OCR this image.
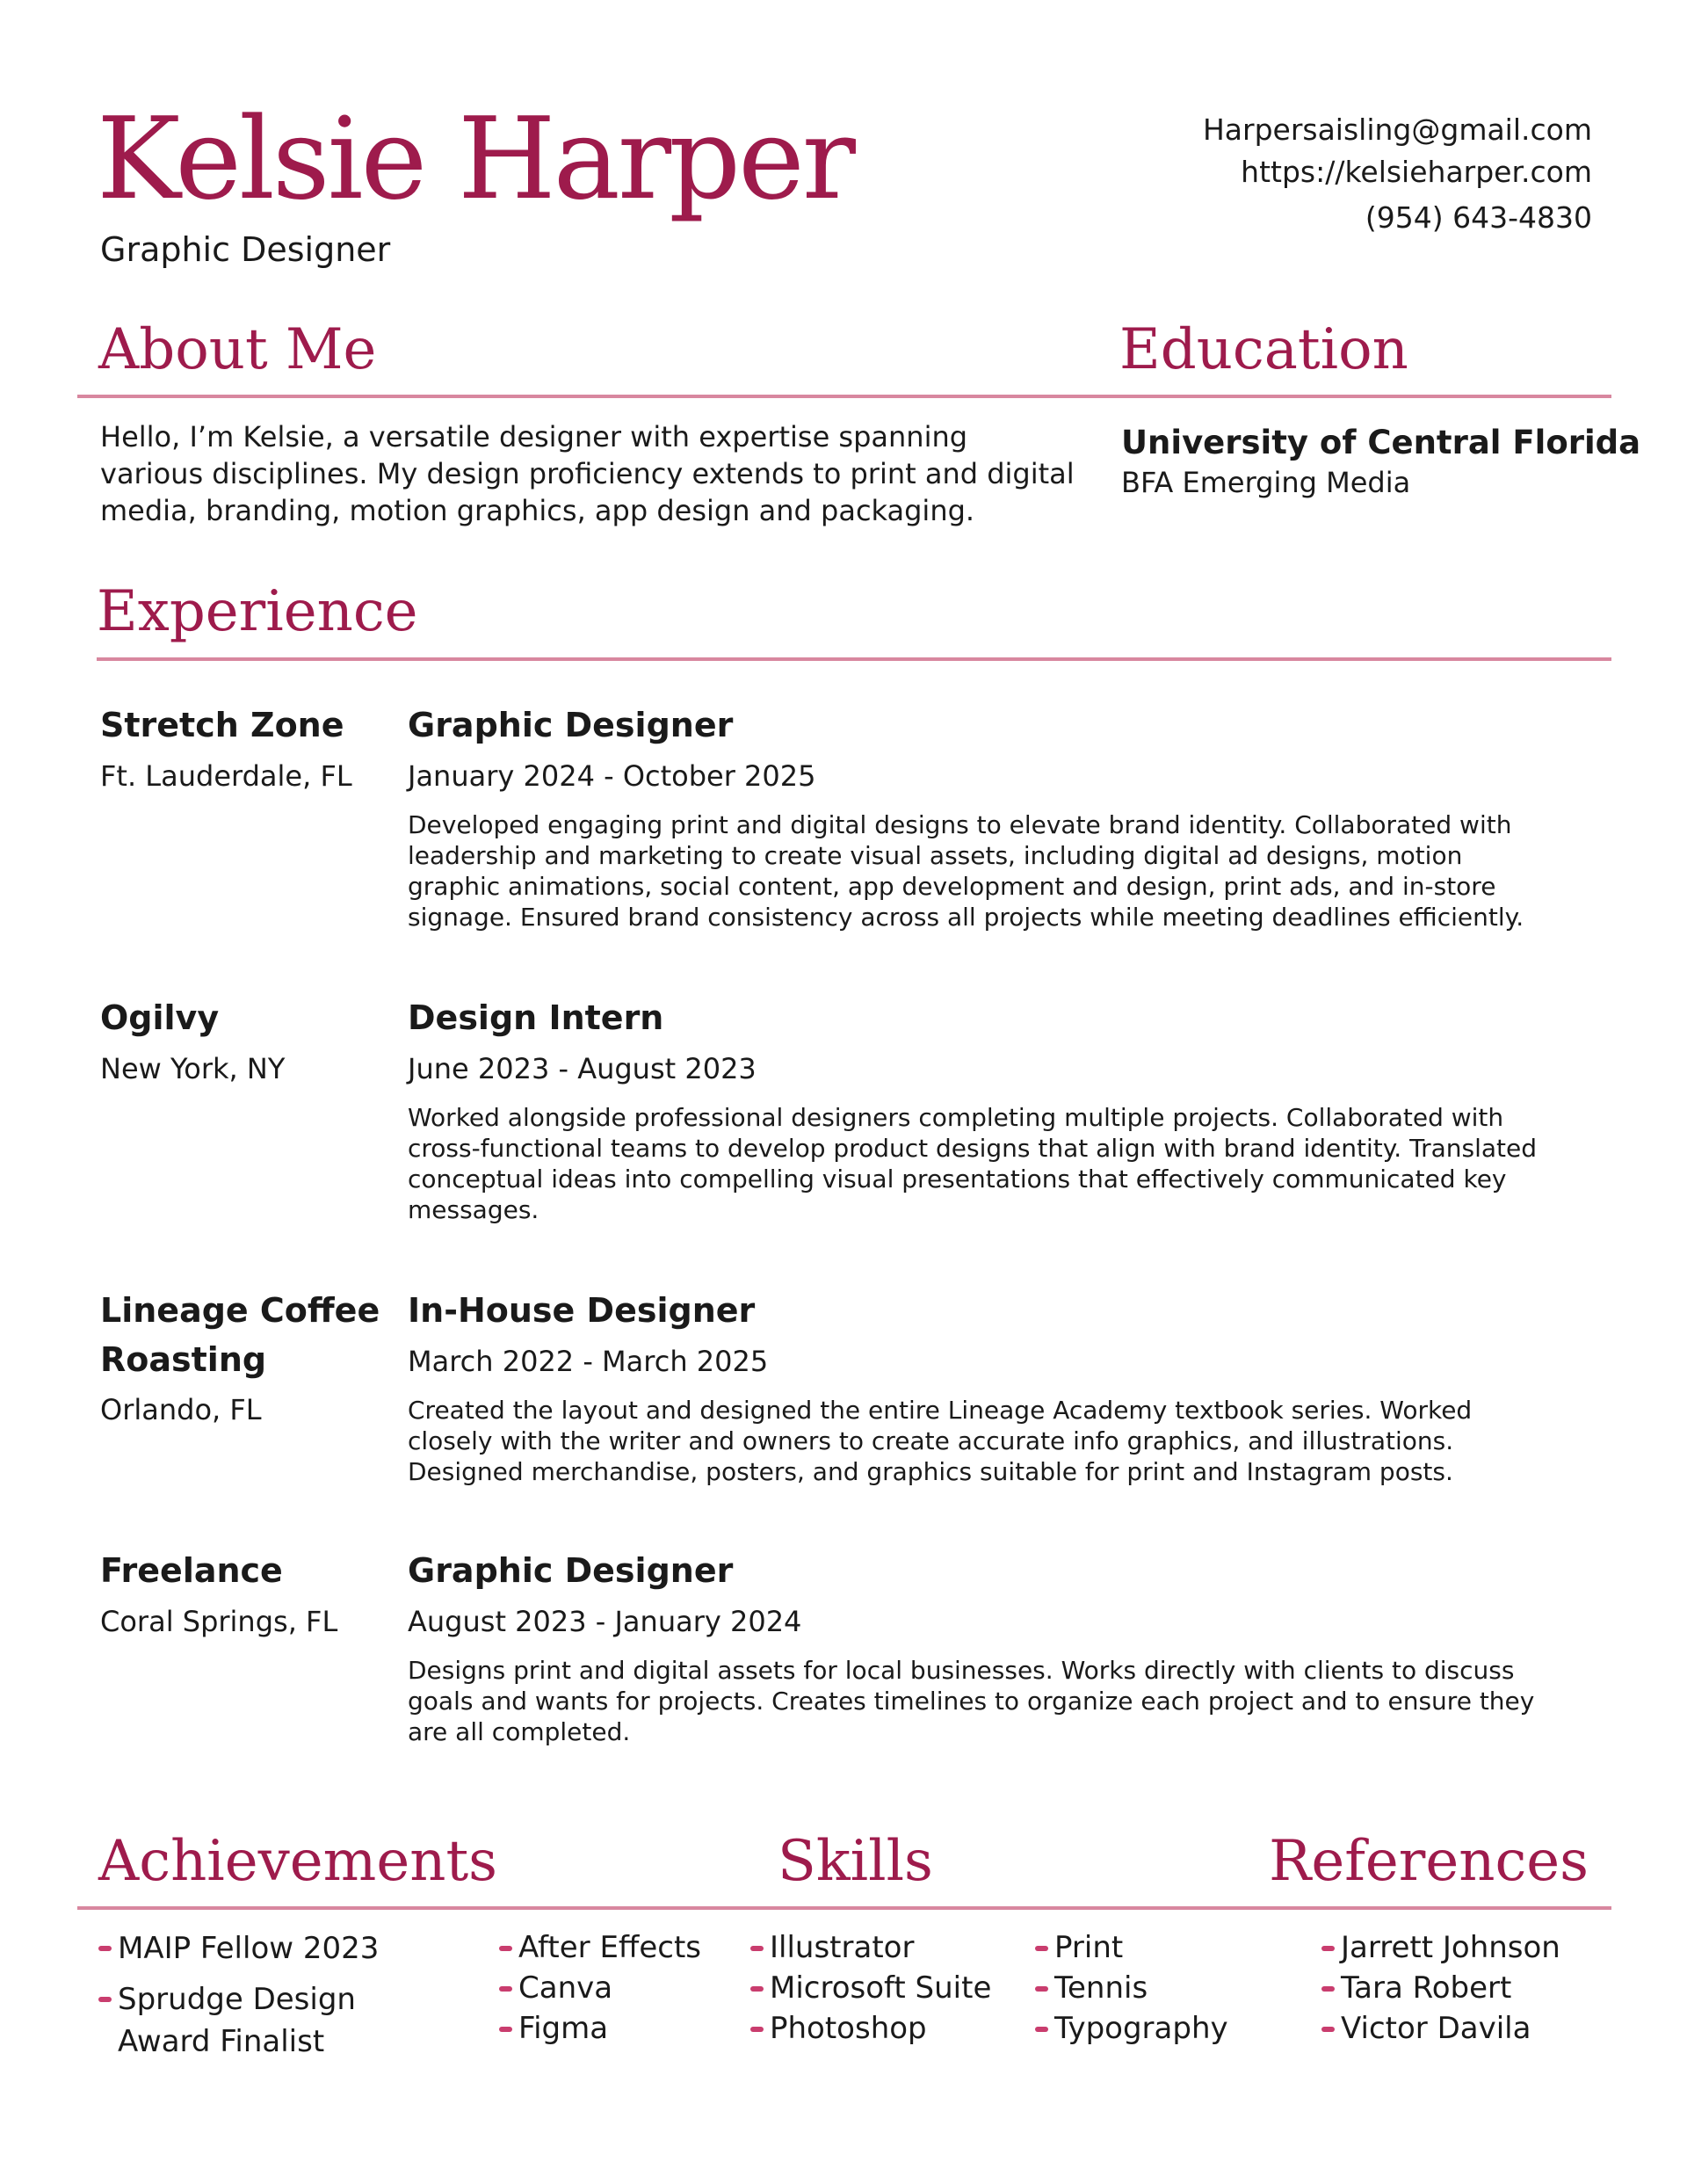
Kelsie Harper
Graphic Designer
Harpersaisling@gmail.com
https://kelsieharper.com
(954) 643-4830
About Me	Education
Hello, I’m Kelsie, a versatile designer with expertise spanning various disciplines. My design proficiency extends to print and digital media, branding, motion graphics, app design and packaging.
University of Central Florida
BFA Emerging Media
Experience
Stretch Zone
Ft. Lauderdale, FL
Graphic Designer
January 2024 - October 2025
Developed engaging print and digital designs to elevate brand identity. Collaborated with leadership and marketing to create visual assets, including digital ad designs, motion graphic animations, social content, app development and design, print ads, and in-store signage. Ensured brand consistency across all projects while meeting deadlines efficiently.
Ogilvy
New York, NY
Design Intern
June 2023 - August 2023
Worked alongside professional designers completing multiple projects. Collaborated with cross-functional teams to develop product designs that align with brand identity. Translated conceptual ideas into compelling visual presentations that effectively communicated key messages.
Lineage Coffee Roasting
Orlando, FL
In-House Designer
March 2022 - March 2025
Created the layout and designed the entire Lineage Academy textbook series. Worked closely with the writer and owners to create accurate info graphics, and illustrations. Designed merchandise, posters, and graphics suitable for print and Instagram posts.
Freelance
Coral Springs, FL
Graphic Designer
August 2023 - January 2024
Designs print and digital assets for local businesses. Works directly with clients to discuss goals and wants for projects. Creates timelines to organize each project and to ensure they are all completed.
Achievements	Skills	References
MAIP Fellow 2023
Sprudge Design Award Finalist
After Effects
Canva
Figma
Illustrator
Microsoft Suite
Photoshop
Print
Tennis
Typography
Jarrett Johnson
Tara Robert
Victor Davila
